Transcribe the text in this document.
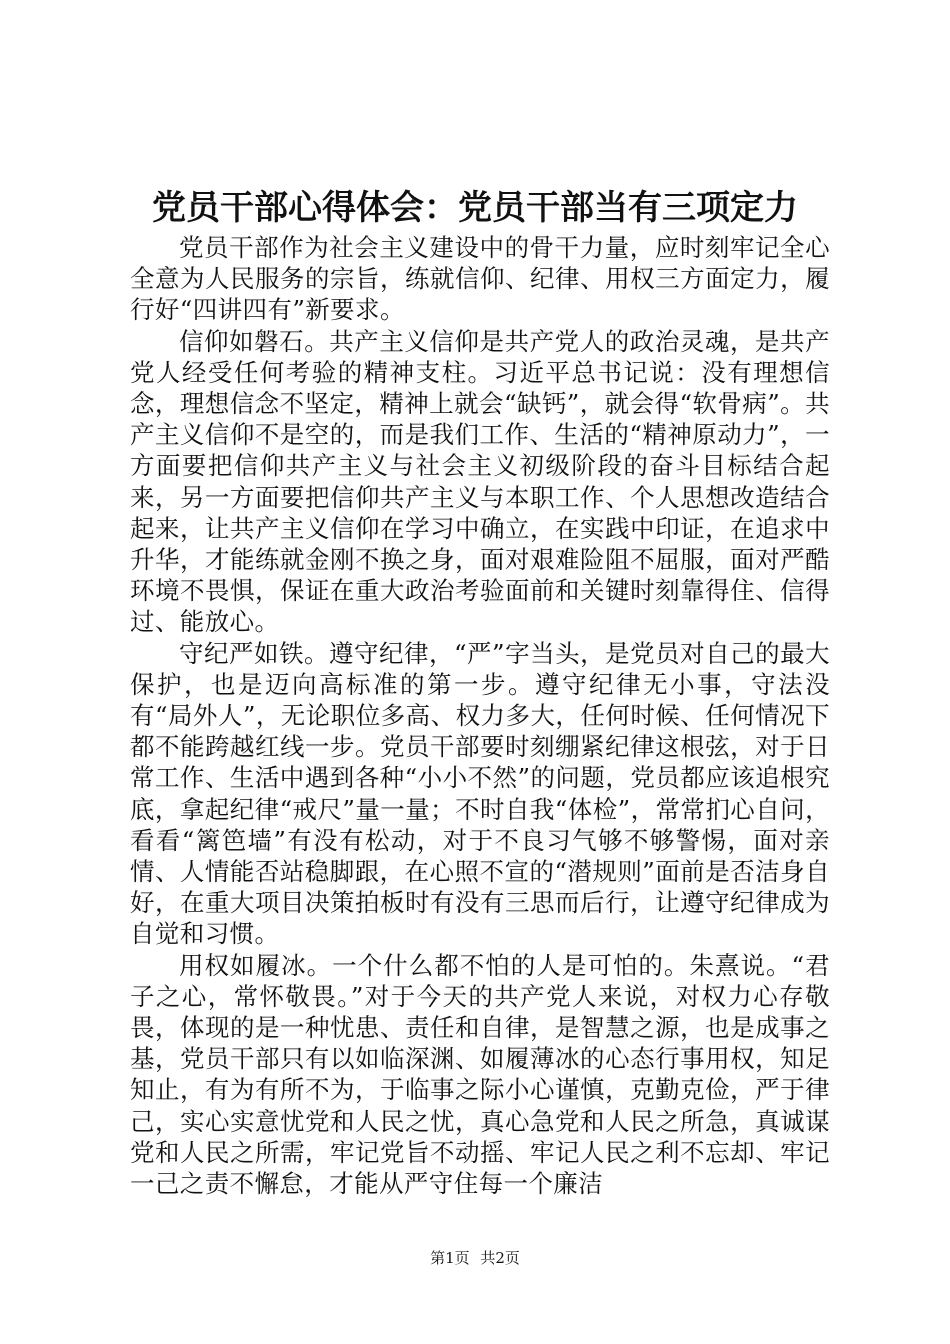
党员干部心得体会：党员干部当有三项定力

党员干部作为社会主义建设中的骨干力量，应时刻牢记全心全意为人民服务的宗旨，练就信仰、纪律、用权三方面定力，履行好“四讲四有”新要求。

信仰如磐石。共产主义信仰是共产党人的政治灵魂，是共产党人经受任何考验的精神支柱。习近平总书记说：没有理想信念，理想信念不坚定，精神上就会“缺钙”，就会得“软骨病”。共产主义信仰不是空的，而是我们工作、生活的“精神原动力”，一方面要把信仰共产主义与社会主义初级阶段的奋斗目标结合起来，另一方面要把信仰共产主义与本职工作、个人思想改造结合起来，让共产主义信仰在学习中确立，在实践中印证，在追求中升华，才能练就金刚不换之身，面对艰难险阻不屈服，面对严酷环境不畏惧，保证在重大政治考验面前和关键时刻靠得住、信得过、能放心。

守纪严如铁。遵守纪律，“严”字当头，是党员对自己的最大保护，也是迈向高标准的第一步。遵守纪律无小事，守法没有“局外人”，无论职位多高、权力多大，任何时候、任何情况下都不能跨越红线一步。党员干部要时刻绷紧纪律这根弦，对于日常工作、生活中遇到各种“小小不然”的问题，党员都应该追根究底，拿起纪律“戒尺”量一量；不时自我“体检”，常常扪心自问，看看“篱笆墙”有没有松动，对于不良习气够不够警惕，面对亲情、人情能否站稳脚跟，在心照不宣的“潜规则”面前是否洁身自好，在重大项目决策拍板时有没有三思而后行，让遵守纪律成为自觉和习惯。

用权如履冰。一个什么都不怕的人是可怕的。朱熹说。“君子之心，常怀敬畏。”对于今天的共产党人来说，对权力心存敬畏，体现的是一种忧患、责任和自律，是智慧之源，也是成事之基，党员干部只有以如临深渊、如履薄冰的心态行事用权，知足知止，有为有所不为，于临事之际小心谨慎，克勤克俭，严于律己，实心实意忧党和人民之忧，真心急党和人民之所急，真诚谋党和人民之所需，牢记党旨不动摇、牢记人民之利不忘却、牢记一己之责不懈怠，才能从严守住每一个廉洁

第1页 共2页
